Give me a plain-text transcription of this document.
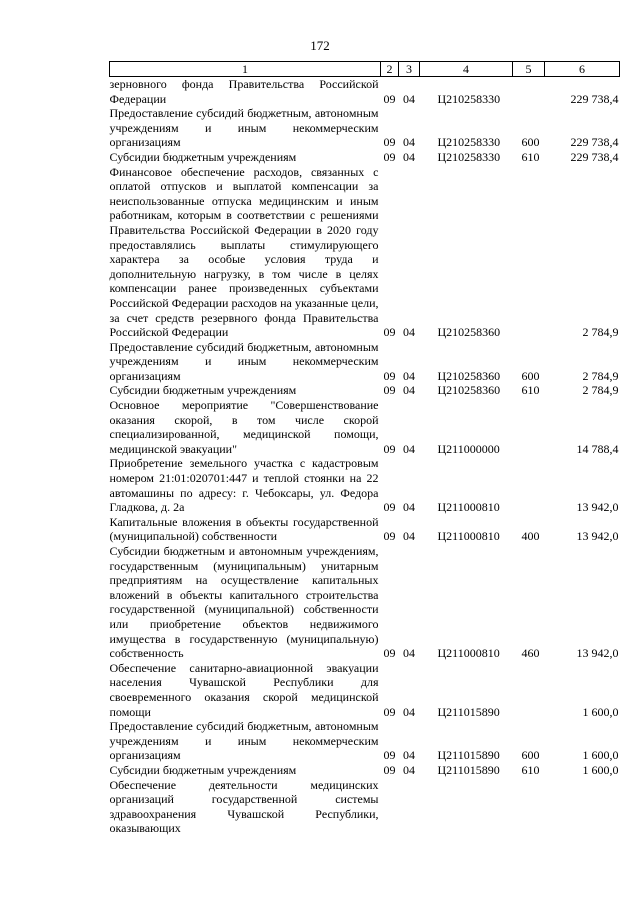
172
1	2	3	4	5	6
зерновного фонда Правительства Российской Федерации	09	04	Ц210258330		229 738,4
Предоставление субсидий бюджетным, автономным учреждениям и иным некоммерческим организациям	09	04	Ц210258330	600	229 738,4
Субсидии бюджетным учреждениям	09	04	Ц210258330	610	229 738,4
Финансовое обеспечение расходов, связанных с оплатой отпусков и выплатой компенсации за неиспользованные отпуска медицинским и иным работникам, которым в соответствии с решениями Правительства Российской Федерации в 2020 году предоставлялись выплаты стимулирующего характера за особые условия труда и дополнительную нагрузку, в том числе в целях компенсации ранее произведенных субъектами Российской Федерации расходов на указанные цели, за счет средств резервного фонда Правительства Российской Федерации	09	04	Ц210258360		2 784,9
Предоставление субсидий бюджетным, автономным учреждениям и иным некоммерческим организациям	09	04	Ц210258360	600	2 784,9
Субсидии бюджетным учреждениям	09	04	Ц210258360	610	2 784,9
Основное мероприятие "Совершенствование оказания скорой, в том числе скорой специализированной, медицинской помощи, медицинской эвакуации"	09	04	Ц211000000		14 788,4
Приобретение земельного участка с кадастровым номером 21:01:020701:447 и теплой стоянки на 22 автомашины по адресу: г. Чебоксары, ул. Федора Гладкова, д. 2а	09	04	Ц211000810		13 942,0
Капитальные вложения в объекты государственной (муниципальной) собственности	09	04	Ц211000810	400	13 942,0
Субсидии бюджетным и автономным учреждениям, государственным (муниципальным) унитарным предприятиям на осуществление капитальных вложений в объекты капитального строительства государственной (муниципальной) собственности или приобретение объектов недвижимого имущества в государственную (муниципальную) собственность	09	04	Ц211000810	460	13 942,0
Обеспечение санитарно-авиационной эвакуации населения Чувашской Республики для своевременного оказания скорой медицинской помощи	09	04	Ц211015890		1 600,0
Предоставление субсидий бюджетным, автономным учреждениям и иным некоммерческим организациям	09	04	Ц211015890	600	1 600,0
Субсидии бюджетным учреждениям	09	04	Ц211015890	610	1 600,0
Обеспечение деятельности медицинских организаций государственной системы здравоохранения Чувашской Республики, оказывающих					
